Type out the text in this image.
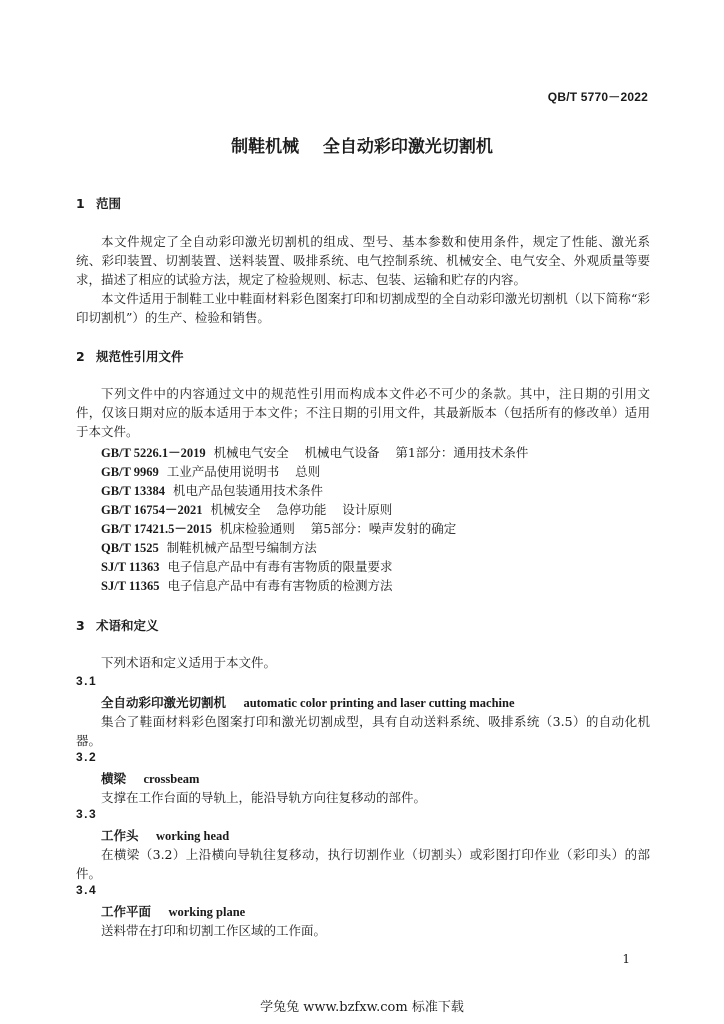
QB/T 5770－2022
制鞋机械    全自动彩印激光切割机
1 范围
本文件规定了全自动彩印激光切割机的组成、型号、基本参数和使用条件，规定了性能、激光系统、彩印装置、切割装置、送料装置、吸排系统、电气控制系统、机械安全、电气安全、外观质量等要求，描述了相应的试验方法，规定了检验规则、标志、包装、运输和贮存的内容。
本文件适用于制鞋工业中鞋面材料彩色图案打印和切割成型的全自动彩印激光切割机（以下简称“彩印切割机”）的生产、检验和销售。
2 规范性引用文件
下列文件中的内容通过文中的规范性引用而构成本文件必不可少的条款。其中，注日期的引用文件，仅该日期对应的版本适用于本文件；不注日期的引用文件，其最新版本（包括所有的修改单）适用于本文件。
GB/T 5226.1－2019 机械电气安全    机械电气设备    第1部分：通用技术条件
GB/T 9969 工业产品使用说明书    总则
GB/T 13384 机电产品包装通用技术条件
GB/T 16754－2021 机械安全    急停功能    设计原则
GB/T 17421.5－2015 机床检验通则    第5部分：噪声发射的确定
QB/T 1525 制鞋机械产品型号编制方法
SJ/T 11363 电子信息产品中有毒有害物质的限量要求
SJ/T 11365 电子信息产品中有毒有害物质的检测方法
3 术语和定义
下列术语和定义适用于本文件。
3.1
全自动彩印激光切割机 automatic color printing and laser cutting machine
集合了鞋面材料彩色图案打印和激光切割成型，具有自动送料系统、吸排系统（3.5）的自动化机器。
3.2
横梁 crossbeam
支撑在工作台面的导轨上，能沿导轨方向往复移动的部件。
3.3
工作头 working head
在横梁（3.2）上沿横向导轨往复移动，执行切割作业（切割头）或彩图打印作业（彩印头）的部件。
3.4
工作平面 working plane
送料带在打印和切割工作区域的工作面。
1
学兔兔 www.bzfxw.com 标准下载
